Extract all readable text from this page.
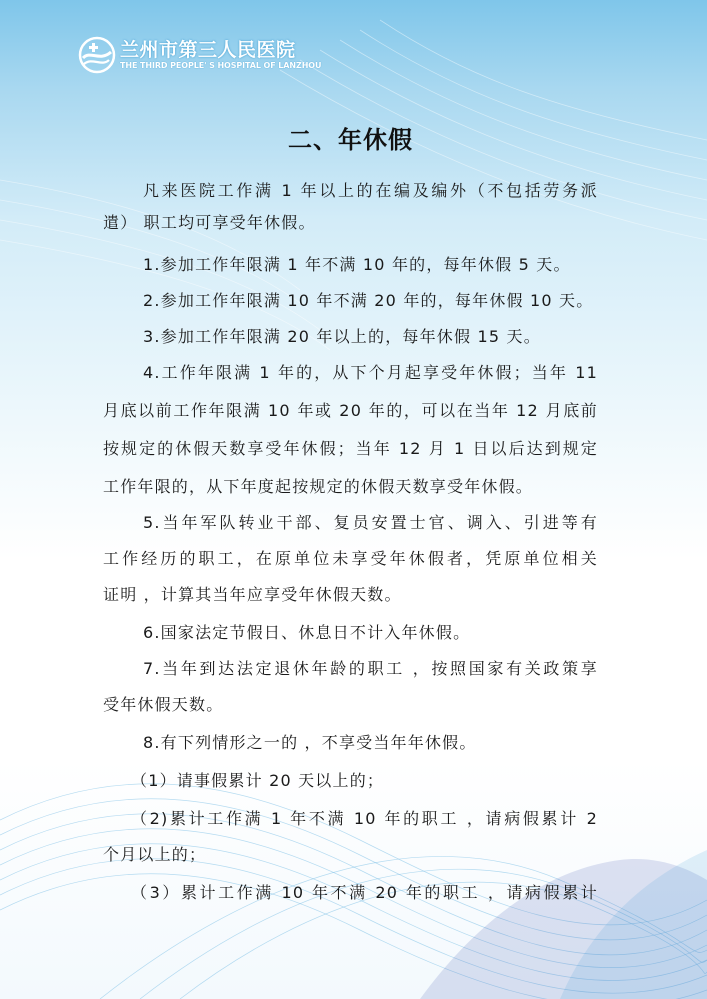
兰州市第三人民医院
THE THIRD PEOPLE' S HOSPITAL OF LANZHOU
二、年休假
凡来医院工作满 1 年以上的在编及编外（不包括劳务派
遣） 职工均可享受年休假。
1.参加工作年限满 1 年不满 10 年的，每年休假 5 天。
2.参加工作年限满 10 年不满 20 年的，每年休假 10 天。
3.参加工作年限满 20 年以上的，每年休假 15 天。
4.工作年限满 1 年的，从下个月起享受年休假；当年 11
月底以前工作年限满 10 年或 20 年的，可以在当年 12 月底前
按规定的休假天数享受年休假；当年 12 月 1 日以后达到规定
工作年限的，从下年度起按规定的休假天数享受年休假。
5.当年军队转业干部、复员安置士官、调入、引进等有
工作经历的职工，在原单位未享受年休假者，凭原单位相关
证明 ，计算其当年应享受年休假天数。
6.国家法定节假日、休息日不计入年休假。
7.当年到达法定退休年龄的职工 ，按照国家有关政策享
受年休假天数。
8.有下列情形之一的 ，不享受当年年休假。
（1）请事假累计 20 天以上的；
（2)累计工作满 1 年不满 10 年的职工 ，请病假累计 2
个月以上的；
（3）累计工作满 10 年不满 20 年的职工 ，请病假累计
